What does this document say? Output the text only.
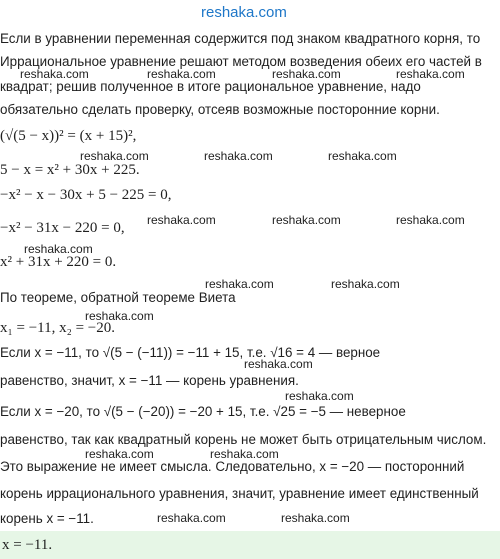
reshaka.com
Если в уравнении переменная содержится под знаком квадратного корня, то
Иррациональное уравнение решают методом возведения обеих его частей в
квадрат; решив полученное в итоге рациональное уравнение, надо
обязательно сделать проверку, отсеяв возможные посторонние корни.
(√(5 − x))² = (x + 15)²,
5 − x = x² + 30x + 225.
−x² − x − 30x + 5 − 225 = 0,
−x² − 31x − 220 = 0,
x² + 31x + 220 = 0.
По теореме, обратной теореме Виета
x₁ = −11, x₂ = −20.
Если x = −11, то √(5 − (−11)) = −11 + 15, т.е. √16 = 4 — верное
равенство, значит, x = −11 — корень уравнения.
Если x = −20, то √(5 − (−20)) = −20 + 15, т.е. √25 = −5 — неверное
равенство, так как квадратный корень не может быть отрицательным числом.
Это выражение не имеет смысла. Следовательно, x = −20 — посторонний
корень иррационального уравнения, значит, уравнение имеет единственный
корень x = −11.
x = −11.
reshaka.com	reshaka.com	reshaka.com	reshaka.com
reshaka.com	reshaka.com	reshaka.com
reshaka.com	reshaka.com	reshaka.com
reshaka.com
reshaka.com	reshaka.com
reshaka.com
reshaka.com
reshaka.com
reshaka.com	reshaka.com
reshaka.com	reshaka.com
